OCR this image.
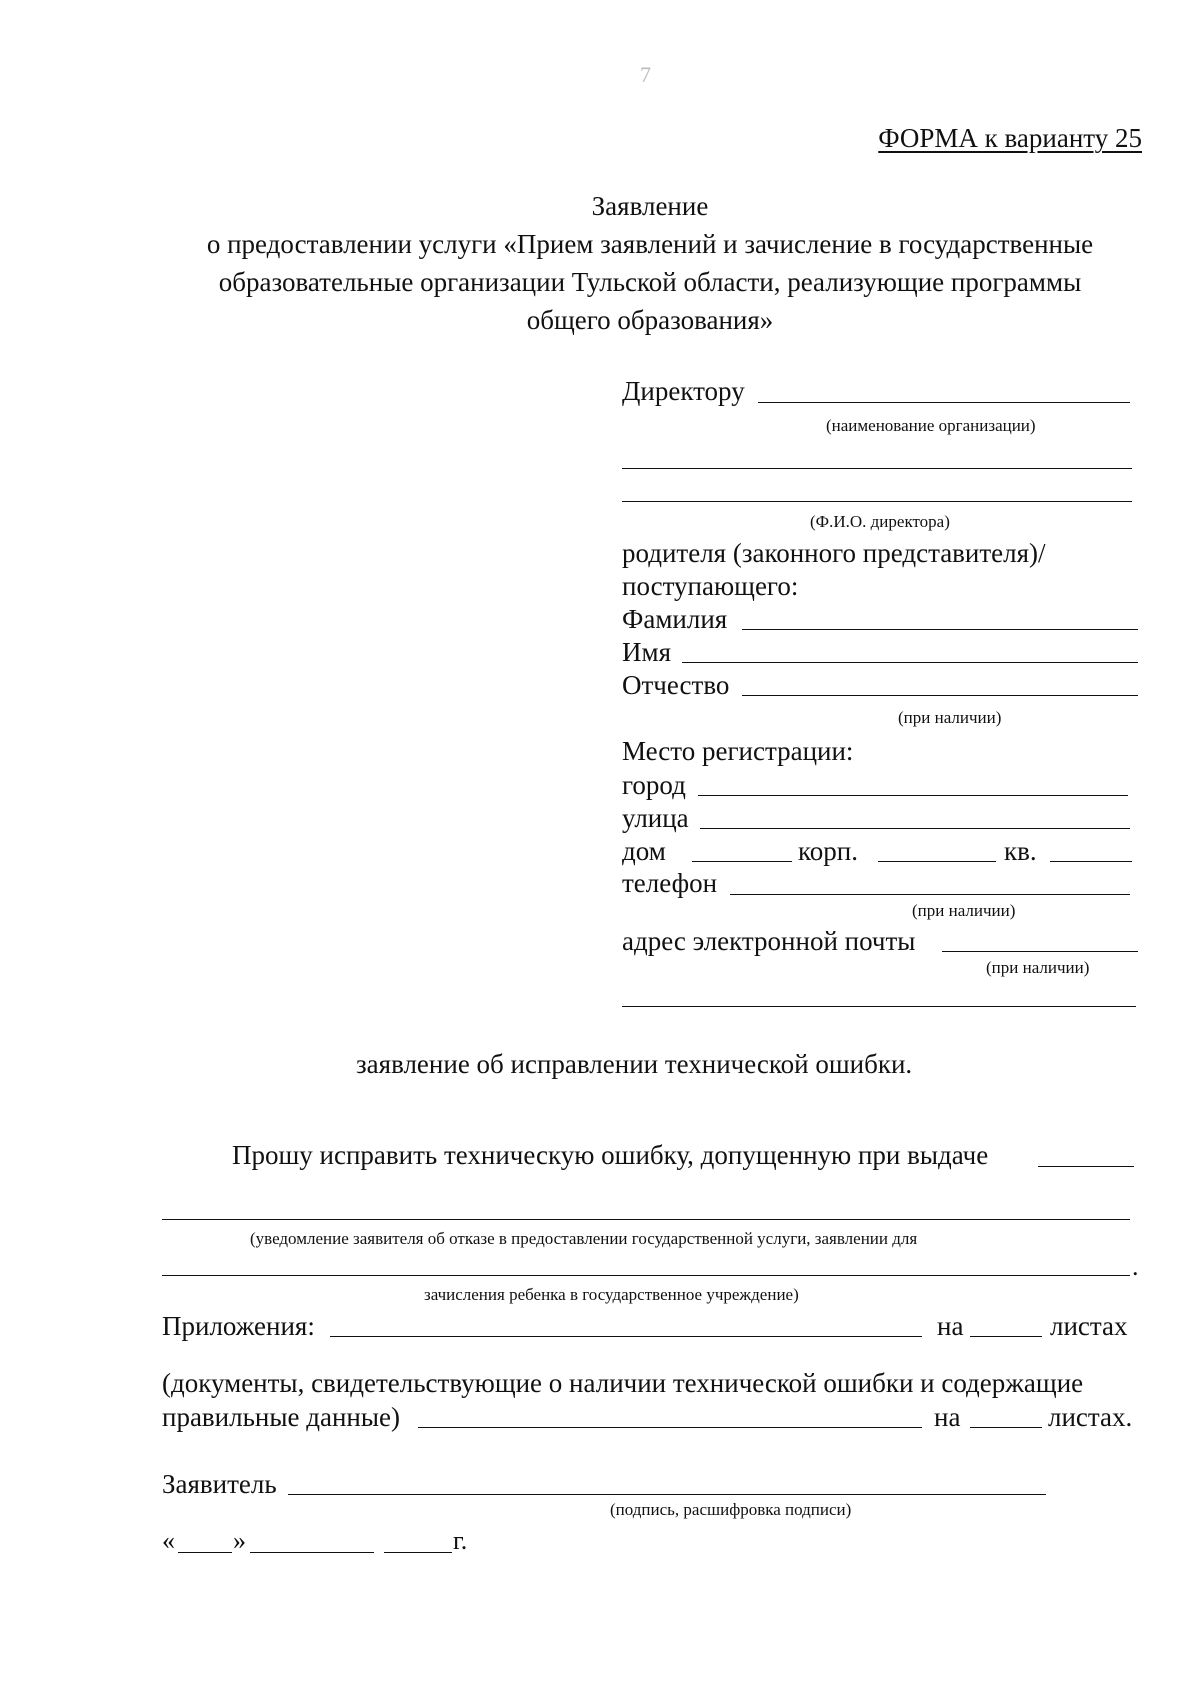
7
ФОРМА к варианту 25
Заявление
о предоставлении услуги «Прием заявлений и зачисление в государственные
образовательные организации Тульской области, реализующие программы
общего образования»
Директору
(наименование организации)
(Ф.И.О. директора)
родителя (законного представителя)/
поступающего:
Фамилия
Имя
Отчество
(при наличии)
Место регистрации:
город
улица
дом	корп.	кв.
телефон
(при наличии)
адрес электронной почты
(при наличии)
заявление об исправлении технической ошибки.
Прошу исправить техническую ошибку, допущенную при выдаче
(уведомление заявителя об отказе в предоставлении государственной услуги, заявлении для
.
зачисления ребенка в государственное учреждение)
Приложения:	на	листах
(документы, свидетельствующие о наличии технической ошибки и содержащие
правильные данные)	на	листах.
Заявитель
(подпись, расшифровка подписи)
« »	г.
